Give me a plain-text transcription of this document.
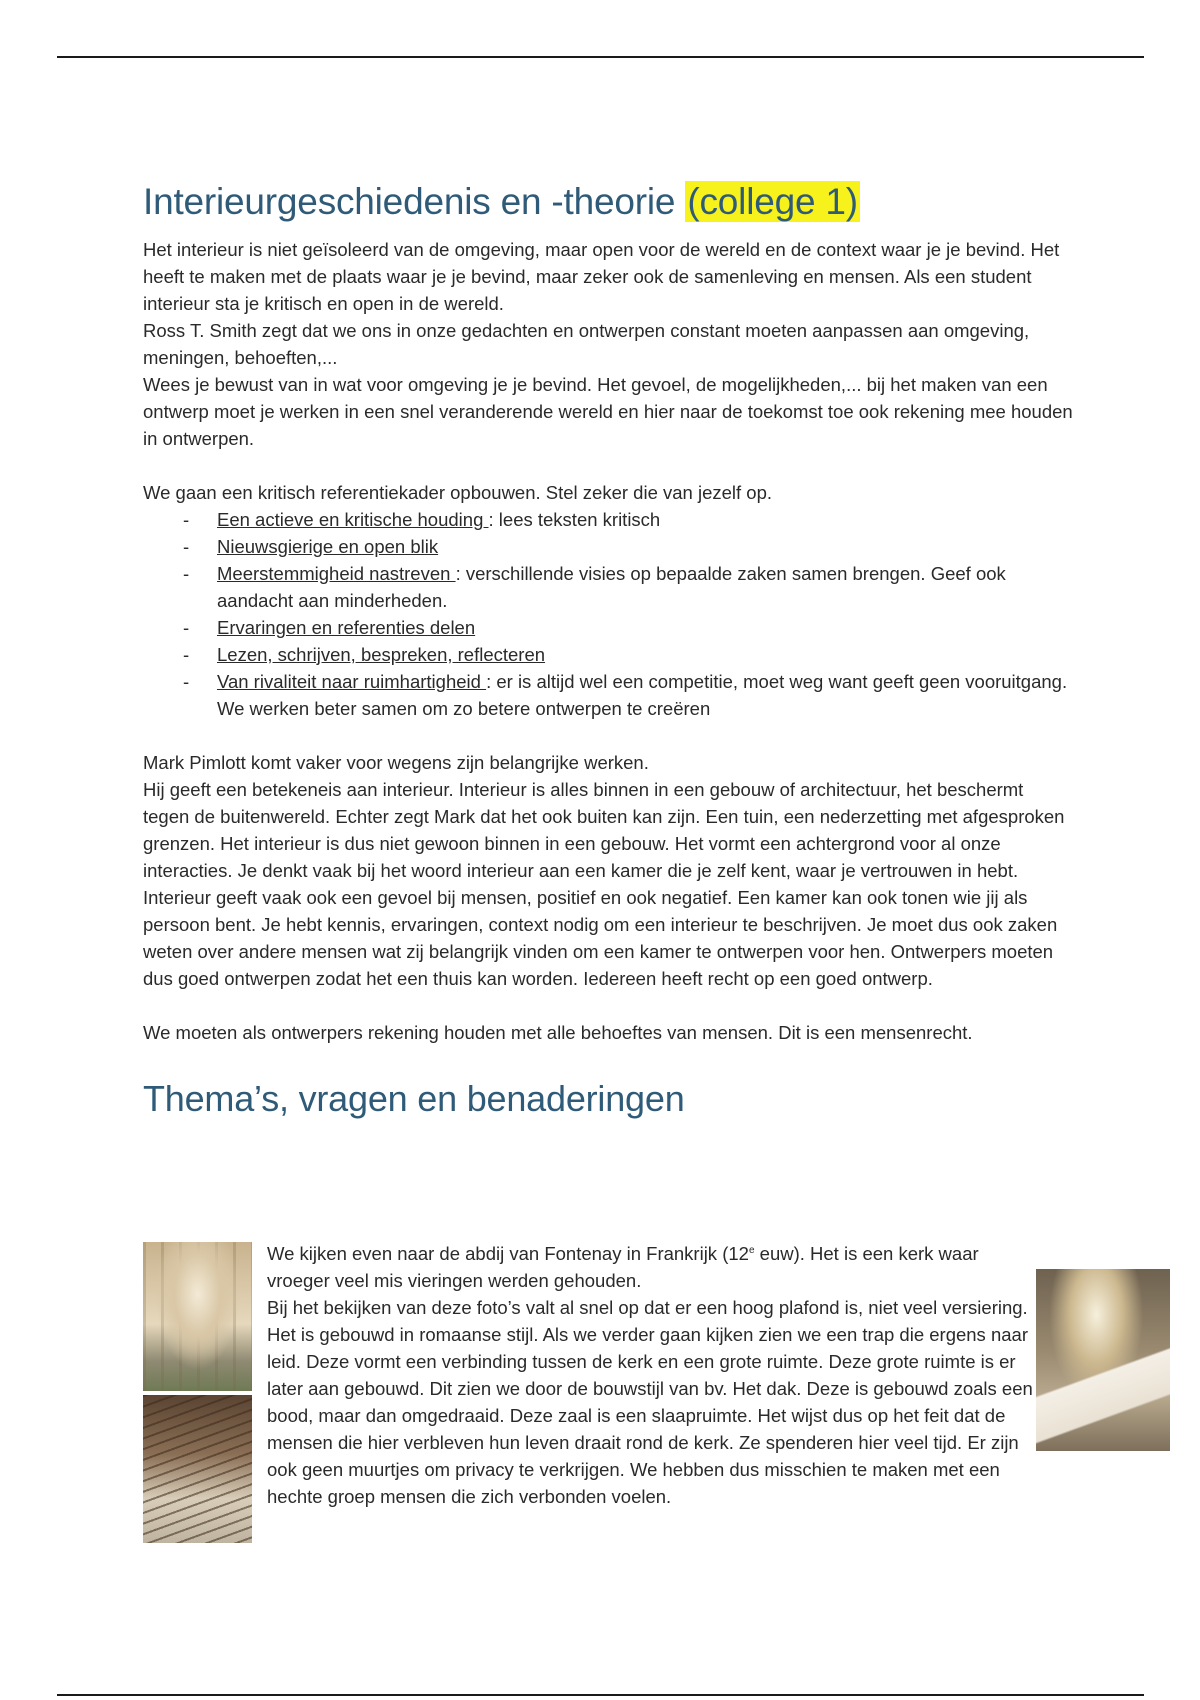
Interieurgeschiedenis en -theorie (college 1)

Het interieur is niet geïsoleerd van de omgeving, maar open voor de wereld en de context waar je je bevind. Het heeft te maken met de plaats waar je je bevind, maar zeker ook de samenleving en mensen. Als een student interieur sta je kritisch en open in de wereld.

Ross T. Smith zegt dat we ons in onze gedachten en ontwerpen constant moeten aanpassen aan omgeving, meningen, behoeften,...

Wees je bewust van in wat voor omgeving je je bevind. Het gevoel, de mogelijkheden,... bij het maken van een ontwerp moet je werken in een snel veranderende wereld en hier naar de toekomst toe ook rekening mee houden in ontwerpen.

We gaan een kritisch referentiekader opbouwen. Stel zeker die van jezelf op.

- Een actieve en kritische houding : lees teksten kritisch
- Nieuwsgierige en open blik
- Meerstemmigheid nastreven : verschillende visies op bepaalde zaken samen brengen. Geef ook aandacht aan minderheden.
- Ervaringen en referenties delen
- Lezen, schrijven, bespreken, reflecteren
- Van rivaliteit naar ruimhartigheid : er is altijd wel een competitie, moet weg want geeft geen vooruitgang. We werken beter samen om zo betere ontwerpen te creëren

Mark Pimlott komt vaker voor wegens zijn belangrijke werken.

Hij geeft een betekeneis aan interieur. Interieur is alles binnen in een gebouw of architectuur, het beschermt tegen de buitenwereld. Echter zegt Mark dat het ook buiten kan zijn. Een tuin, een nederzetting met afgesproken grenzen. Het interieur is dus niet gewoon binnen in een gebouw. Het vormt een achtergrond voor al onze interacties. Je denkt vaak bij het woord interieur aan een kamer die je zelf kent, waar je vertrouwen in hebt. Interieur geeft vaak ook een gevoel bij mensen, positief en ook negatief. Een kamer kan ook tonen wie jij als persoon bent. Je hebt kennis, ervaringen, context nodig om een interieur te beschrijven. Je moet dus ook zaken weten over andere mensen wat zij belangrijk vinden om een kamer te ontwerpen voor hen. Ontwerpers moeten dus goed ontwerpen zodat het een thuis kan worden. Iedereen heeft recht op een goed ontwerp.

We moeten als ontwerpers rekening houden met alle behoeftes van mensen. Dit is een mensenrecht.

Thema’s, vragen en benaderingen

We kijken even naar de abdij van Fontenay in Frankrijk (12e euw). Het is een kerk waar vroeger veel mis vieringen werden gehouden.

Bij het bekijken van deze foto’s valt al snel op dat er een hoog plafond is, niet veel versiering. Het is gebouwd in romaanse stijl. Als we verder gaan kijken zien we een trap die ergens naar leid. Deze vormt een verbinding tussen de kerk en een grote ruimte. Deze grote ruimte is er later aan gebouwd. Dit zien we door de bouwstijl van bv. Het dak. Deze is gebouwd zoals een bood, maar dan omgedraaid. Deze zaal is een slaapruimte. Het wijst dus op het feit dat de mensen die hier verbleven hun leven draait rond de kerk. Ze spenderen hier veel tijd. Er zijn ook geen muurtjes om privacy te verkrijgen. We hebben dus misschien te maken met een hechte groep mensen die zich verbonden voelen.
